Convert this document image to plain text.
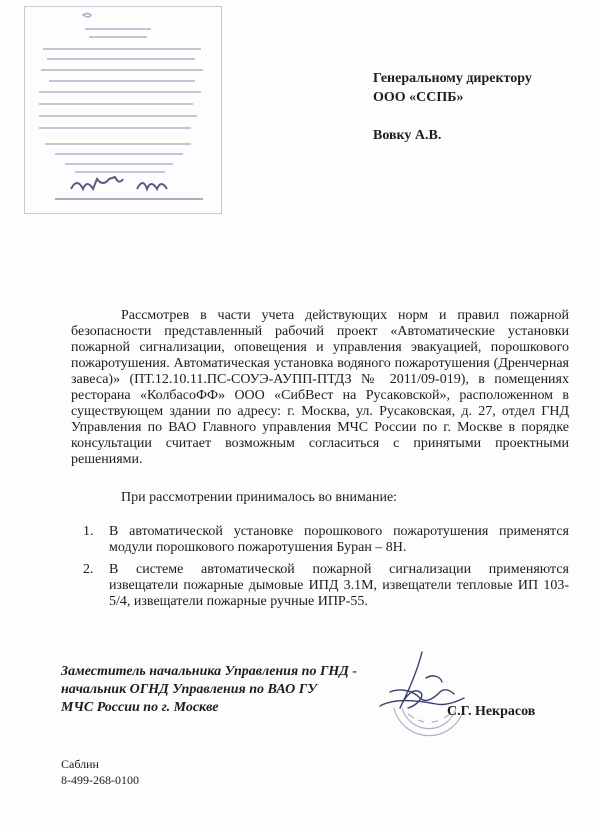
Генеральному директору
ООО «ССПБ»
Вовку А.В.

Рассмотрев в части учета действующих норм и правил пожарной безопасности представленный рабочий проект «Автоматические установки пожарной сигнализации, оповещения и управления эвакуацией, порошкового пожаротушения. Автоматическая установка водяного пожаротушения (Дренчерная завеса)» (ПТ.12.10.11.ПС-СОУЭ-АУПП-ПТДЗ № 2011/09-019), в помещениях ресторана «КолбасоФФ» ООО «СибВест на Русаковской», расположенном в существующем здании по адресу: г. Москва, ул. Русаковская, д. 27, отдел ГНД Управления по ВАО Главного управления МЧС России по г. Москве в порядке консультации считает возможным согласиться с принятыми проектными решениями.

При рассмотрении принималось во внимание:

1. В автоматической установке порошкового пожаротушения применятся модули порошкового пожаротушения Буран – 8Н.
2. В системе автоматической пожарной сигнализации применяются извещатели пожарные дымовые ИПД 3.1М, извещатели тепловые ИП 103-5/4, извещатели пожарные ручные ИПР-55.
Заместитель начальника Управления по ГНД -
начальник ОГНД Управления по ВАО ГУ
МЧС России по г. Москве	С.Г. Некрасов
Саблин
8-499-268-0100
